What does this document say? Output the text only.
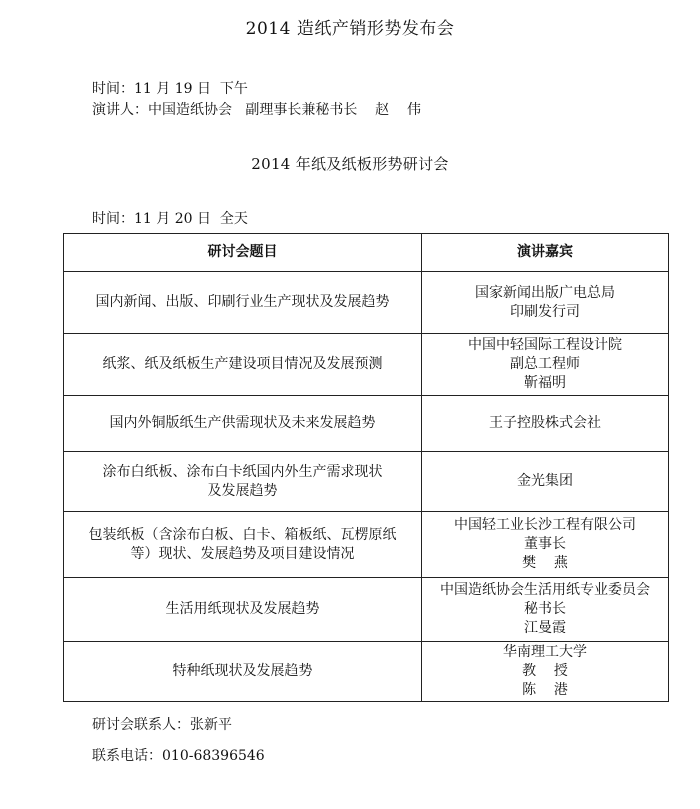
2014 造纸产销形势发布会
时间：11 月 19 日  下午
演讲人：中国造纸协会   副理事长兼秘书长    赵    伟
2014 年纸及纸板形势研讨会
时间：11 月 20 日  全天
研讨会题目	演讲嘉宾

国内新闻、出版、印刷行业生产现状及发展趋势	国家新闻出版广电总局
印刷发行司

纸浆、纸及纸板生产建设项目情况及发展预测	中国中轻国际工程设计院
副总工程师
靳福明

国内外铜版纸生产供需现状及未来发展趋势	王子控股株式会社

涂布白纸板、涂布白卡纸国内外生产需求现状
及发展趋势	金光集团

包装纸板（含涂布白板、白卡、箱板纸、瓦楞原纸
等）现状、发展趋势及项目建设情况	中国轻工业长沙工程有限公司
董事长
樊    燕

生活用纸现状及发展趋势	中国造纸协会生活用纸专业委员会
秘书长
江曼霞

特种纸现状及发展趋势	华南理工大学
教    授
陈    港
研讨会联系人：张新平
联系电话：010-68396546
